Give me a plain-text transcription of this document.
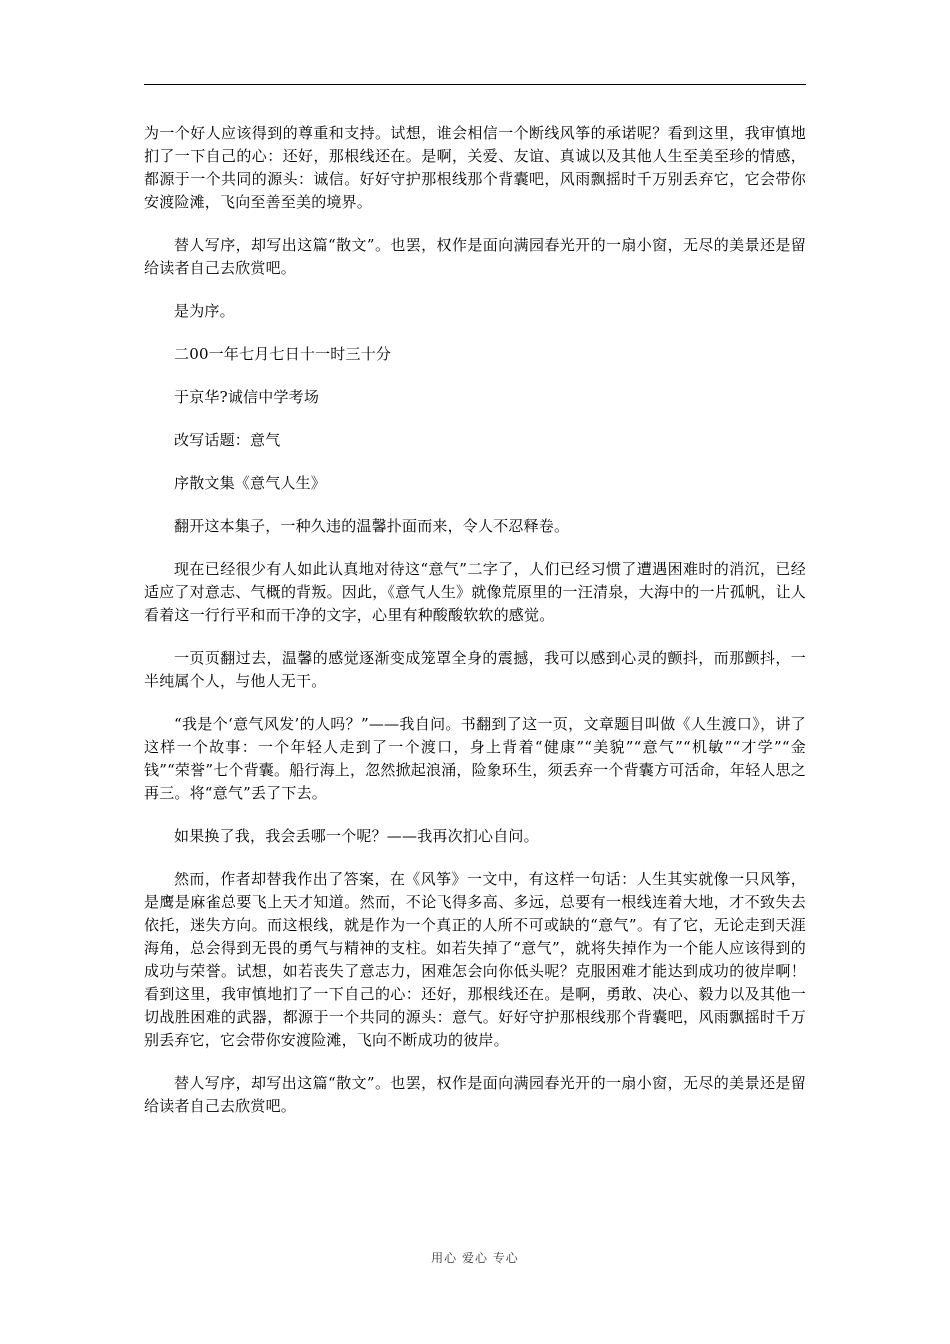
为一个好人应该得到的尊重和支持。试想，谁会相信一个断线风筝的承诺呢？看到这里，我审慎地扪了一下自己的心：还好，那根线还在。是啊，关爱、友谊、真诚以及其他人生至美至珍的情感，都源于一个共同的源头：诚信。好好守护那根线那个背囊吧，风雨飘摇时千万别丢弃它，它会带你安渡险滩，飞向至善至美的境界。

替人写序，却写出这篇“散文”。也罢，权作是面向满园春光开的一扇小窗，无尽的美景还是留给读者自己去欣赏吧。

是为序。

二00一年七月七日十一时三十分

于京华?诚信中学考场

改写话题：意气

序散文集《意气人生》

翻开这本集子，一种久违的温馨扑面而来，令人不忍释卷。

现在已经很少有人如此认真地对待这“意气”二字了，人们已经习惯了遭遇困难时的消沉，已经适应了对意志、气概的背叛。因此，《意气人生》就像荒原里的一汪清泉，大海中的一片孤帆，让人看着这一行行平和而干净的文字，心里有种酸酸软软的感觉。

一页页翻过去，温馨的感觉逐渐变成笼罩全身的震撼，我可以感到心灵的颤抖，而那颤抖，一半纯属个人，与他人无干。

“我是个‘意气风发’的人吗？”——我自问。书翻到了这一页，文章题目叫做《人生渡口》，讲了这样一个故事：一个年轻人走到了一个渡口，身上背着“健康”“美貌”“意气”“机敏”“才学”“金钱”“荣誉”七个背囊。船行海上，忽然掀起浪涌，险象环生，须丢弃一个背囊方可活命，年轻人思之再三。将“意气”丢了下去。

如果换了我，我会丢哪一个呢？——我再次扪心自问。

然而，作者却替我作出了答案，在《风筝》一文中，有这样一句话：人生其实就像一只风筝，是鹰是麻雀总要飞上天才知道。然而，不论飞得多高、多远，总要有一根线连着大地，才不致失去依托，迷失方向。而这根线，就是作为一个真正的人所不可或缺的“意气”。有了它，无论走到天涯海角，总会得到无畏的勇气与精神的支柱。如若失掉了“意气”，就将失掉作为一个能人应该得到的成功与荣誉。试想，如若丧失了意志力，困难怎会向你低头呢？克服困难才能达到成功的彼岸啊！看到这里，我审慎地扪了一下自己的心：还好，那根线还在。是啊，勇敢、决心、毅力以及其他一切战胜困难的武器，都源于一个共同的源头：意气。好好守护那根线那个背囊吧，风雨飘摇时千万别丢弃它，它会带你安渡险滩，飞向不断成功的彼岸。

替人写序，却写出这篇“散文”。也罢，权作是面向满园春光开的一扇小窗，无尽的美景还是留给读者自己去欣赏吧。

用心 爱心 专心
